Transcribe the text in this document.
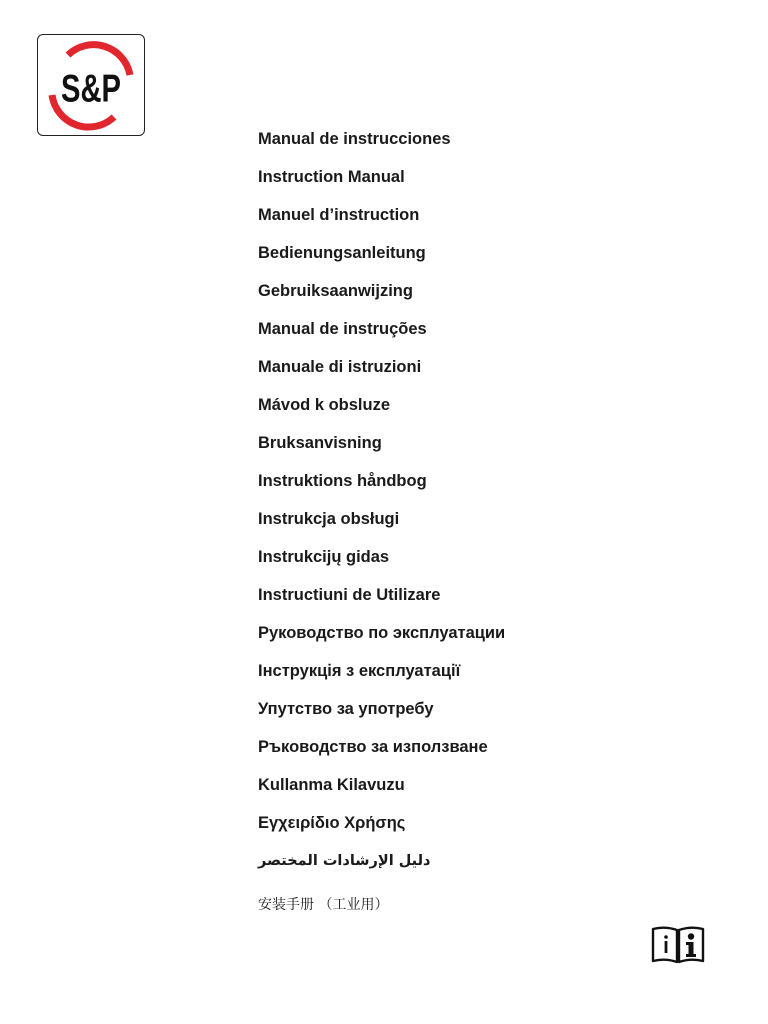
S&P
Manual de instrucciones
Instruction Manual
Manuel d’instruction
Bedienungsanleitung
Gebruiksaanwijzing
Manual de instruções
Manuale di istruzioni
Mávod k obsluze
Bruksanvisning
Instruktions håndbog
Instrukcja obsługi
Instrukcijų gidas
Instructiuni de Utilizare
Руководство по эксплуатации
Інструкція з експлуатації
Упутство за употребу
Ръководство за използване
Kullanma Kilavuzu
Εγχειρίδιο Χρήσης
دليل الإرشادات المختصر
安装手册 （工业用）
